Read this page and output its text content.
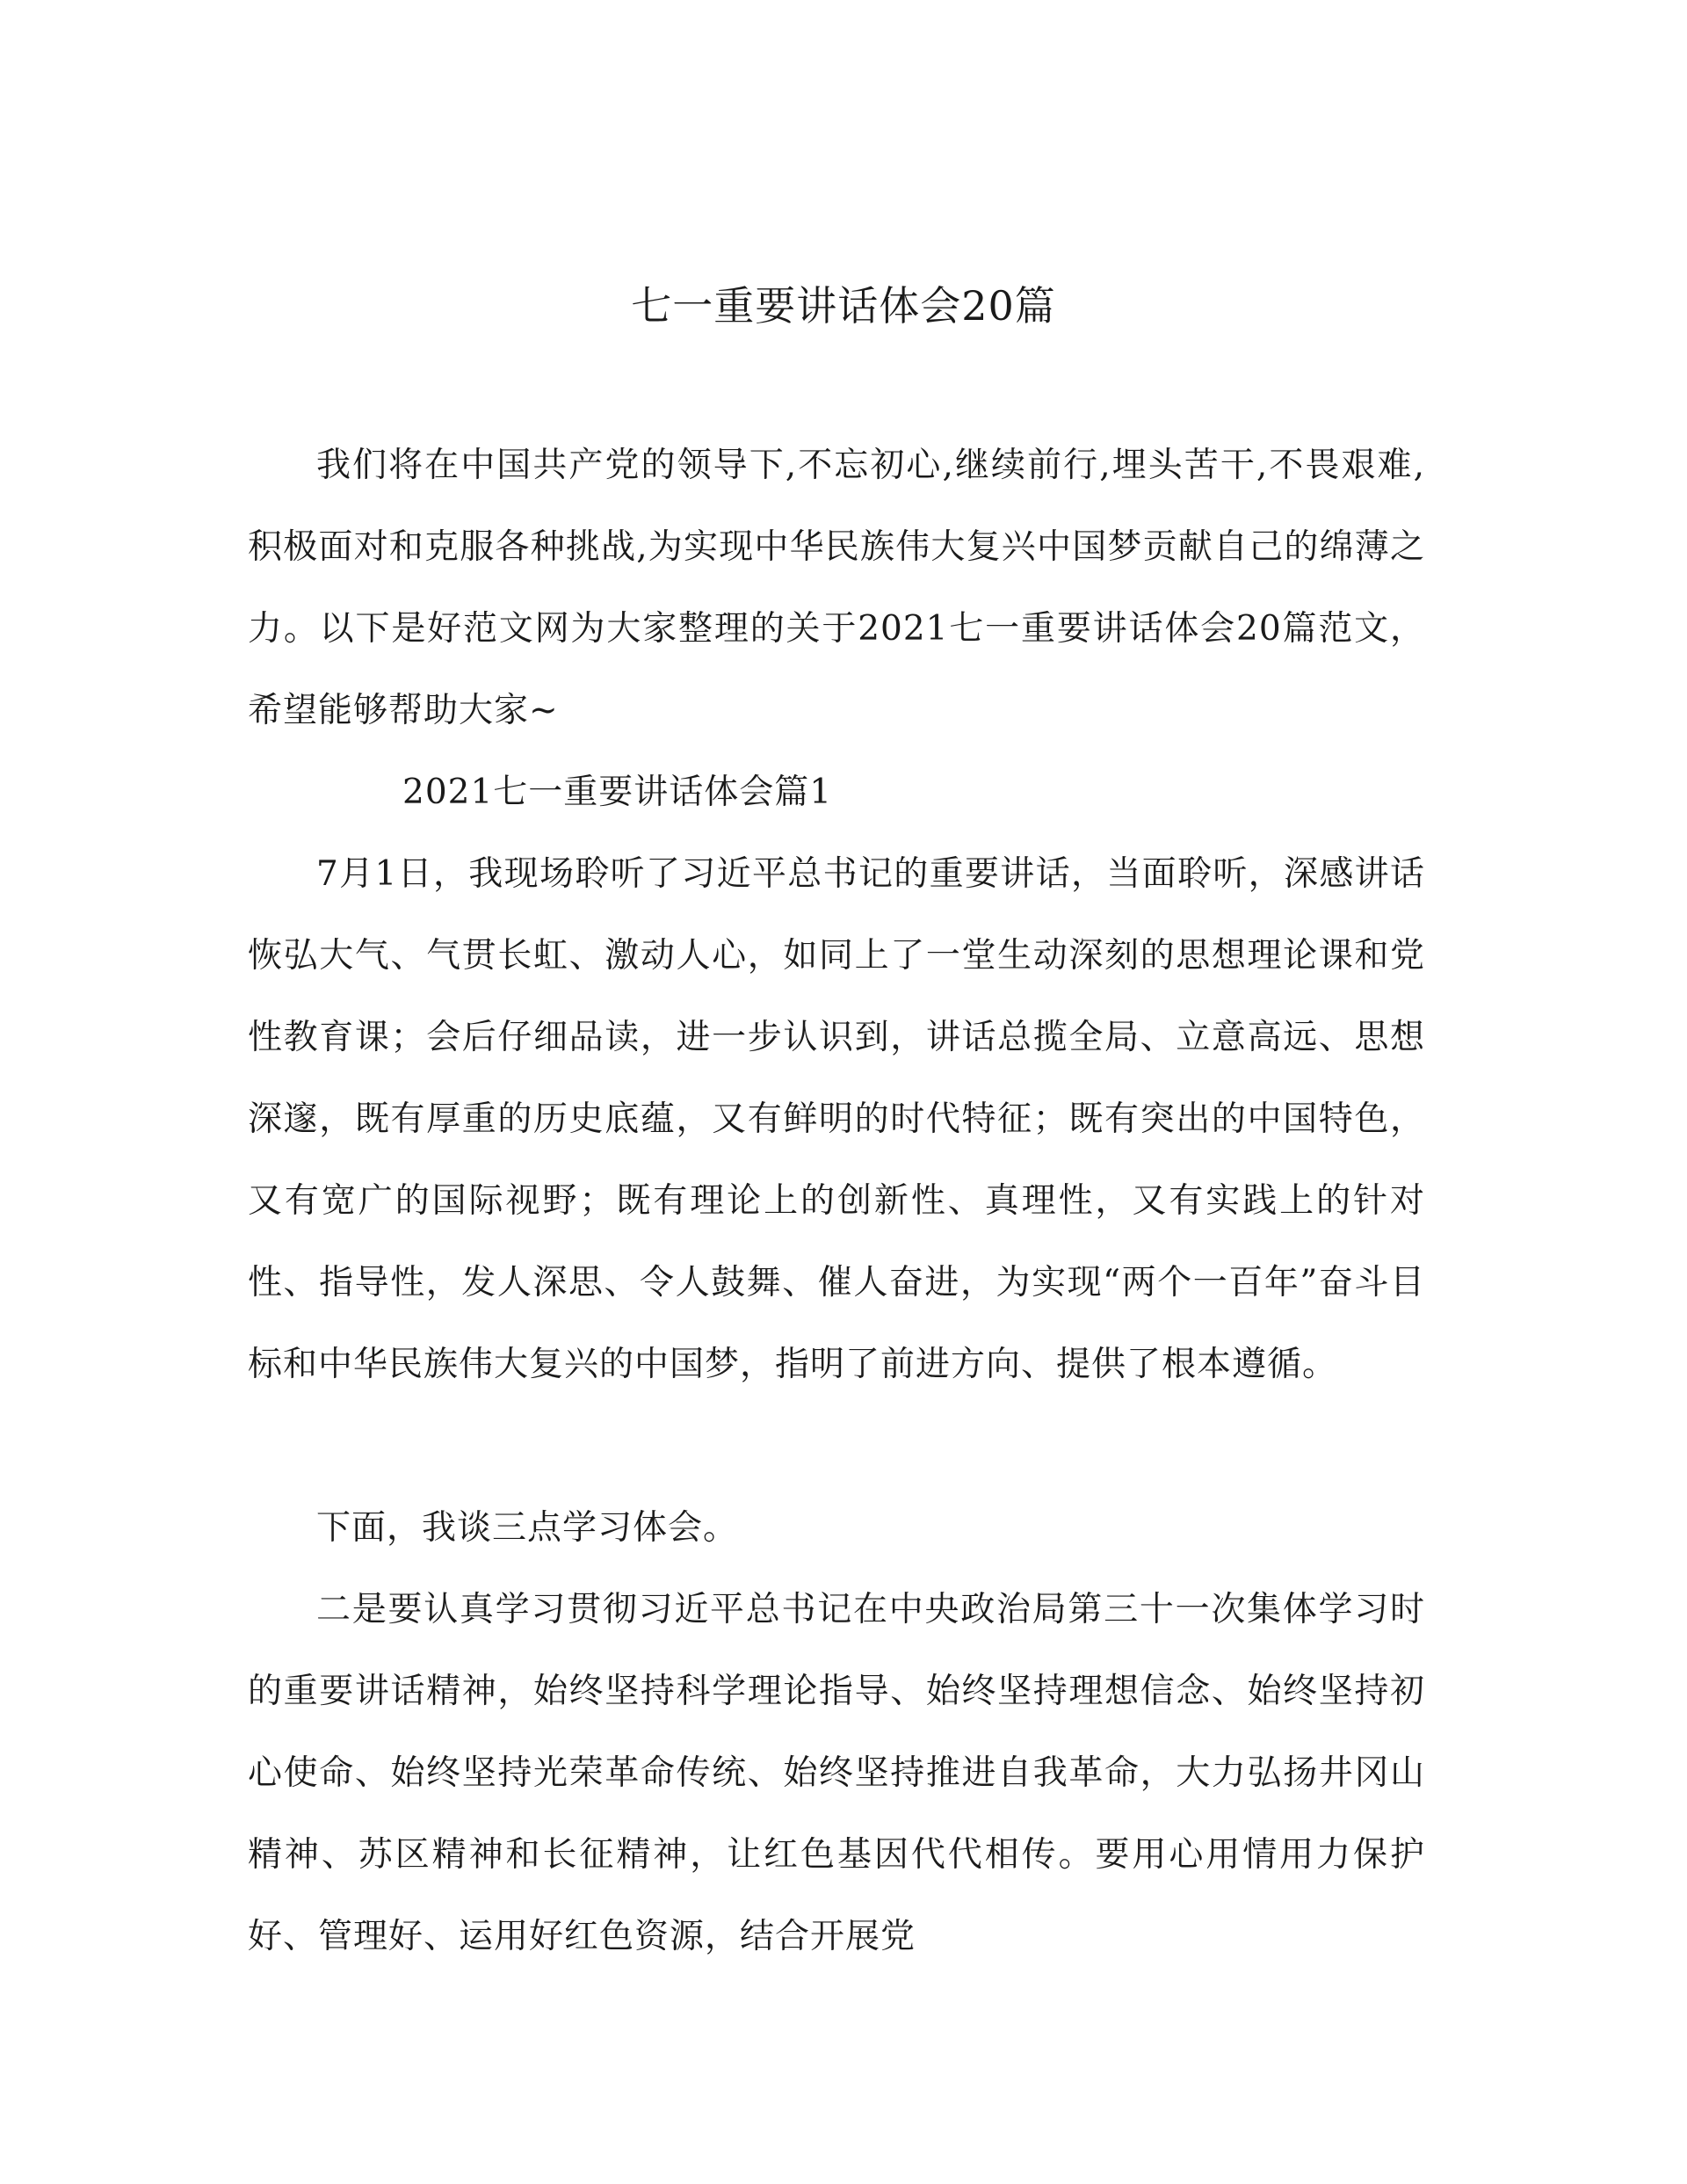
七一重要讲话体会20篇

我们将在中国共产党的领导下,不忘初心,继续前行,埋头苦干,不畏艰难,积极面对和克服各种挑战,为实现中华民族伟大复兴中国梦贡献自己的绵薄之力。以下是好范文网为大家整理的关于2021七一重要讲话体会20篇范文，希望能够帮助大家~

2021七一重要讲话体会篇1

7月1日，我现场聆听了习近平总书记的重要讲话，当面聆听，深感讲话恢弘大气、气贯长虹、激动人心，如同上了一堂生动深刻的思想理论课和党性教育课；会后仔细品读，进一步认识到，讲话总揽全局、立意高远、思想深邃，既有厚重的历史底蕴，又有鲜明的时代特征；既有突出的中国特色，又有宽广的国际视野；既有理论上的创新性、真理性，又有实践上的针对性、指导性，发人深思、令人鼓舞、催人奋进，为实现“两个一百年”奋斗目标和中华民族伟大复兴的中国梦，指明了前进方向、提供了根本遵循。

下面，我谈三点学习体会。

二是要认真学习贯彻习近平总书记在中央政治局第三十一次集体学习时的重要讲话精神，始终坚持科学理论指导、始终坚持理想信念、始终坚持初心使命、始终坚持光荣革命传统、始终坚持推进自我革命，大力弘扬井冈山精神、苏区精神和长征精神，让红色基因代代相传。要用心用情用力保护好、管理好、运用好红色资源，结合开展党
